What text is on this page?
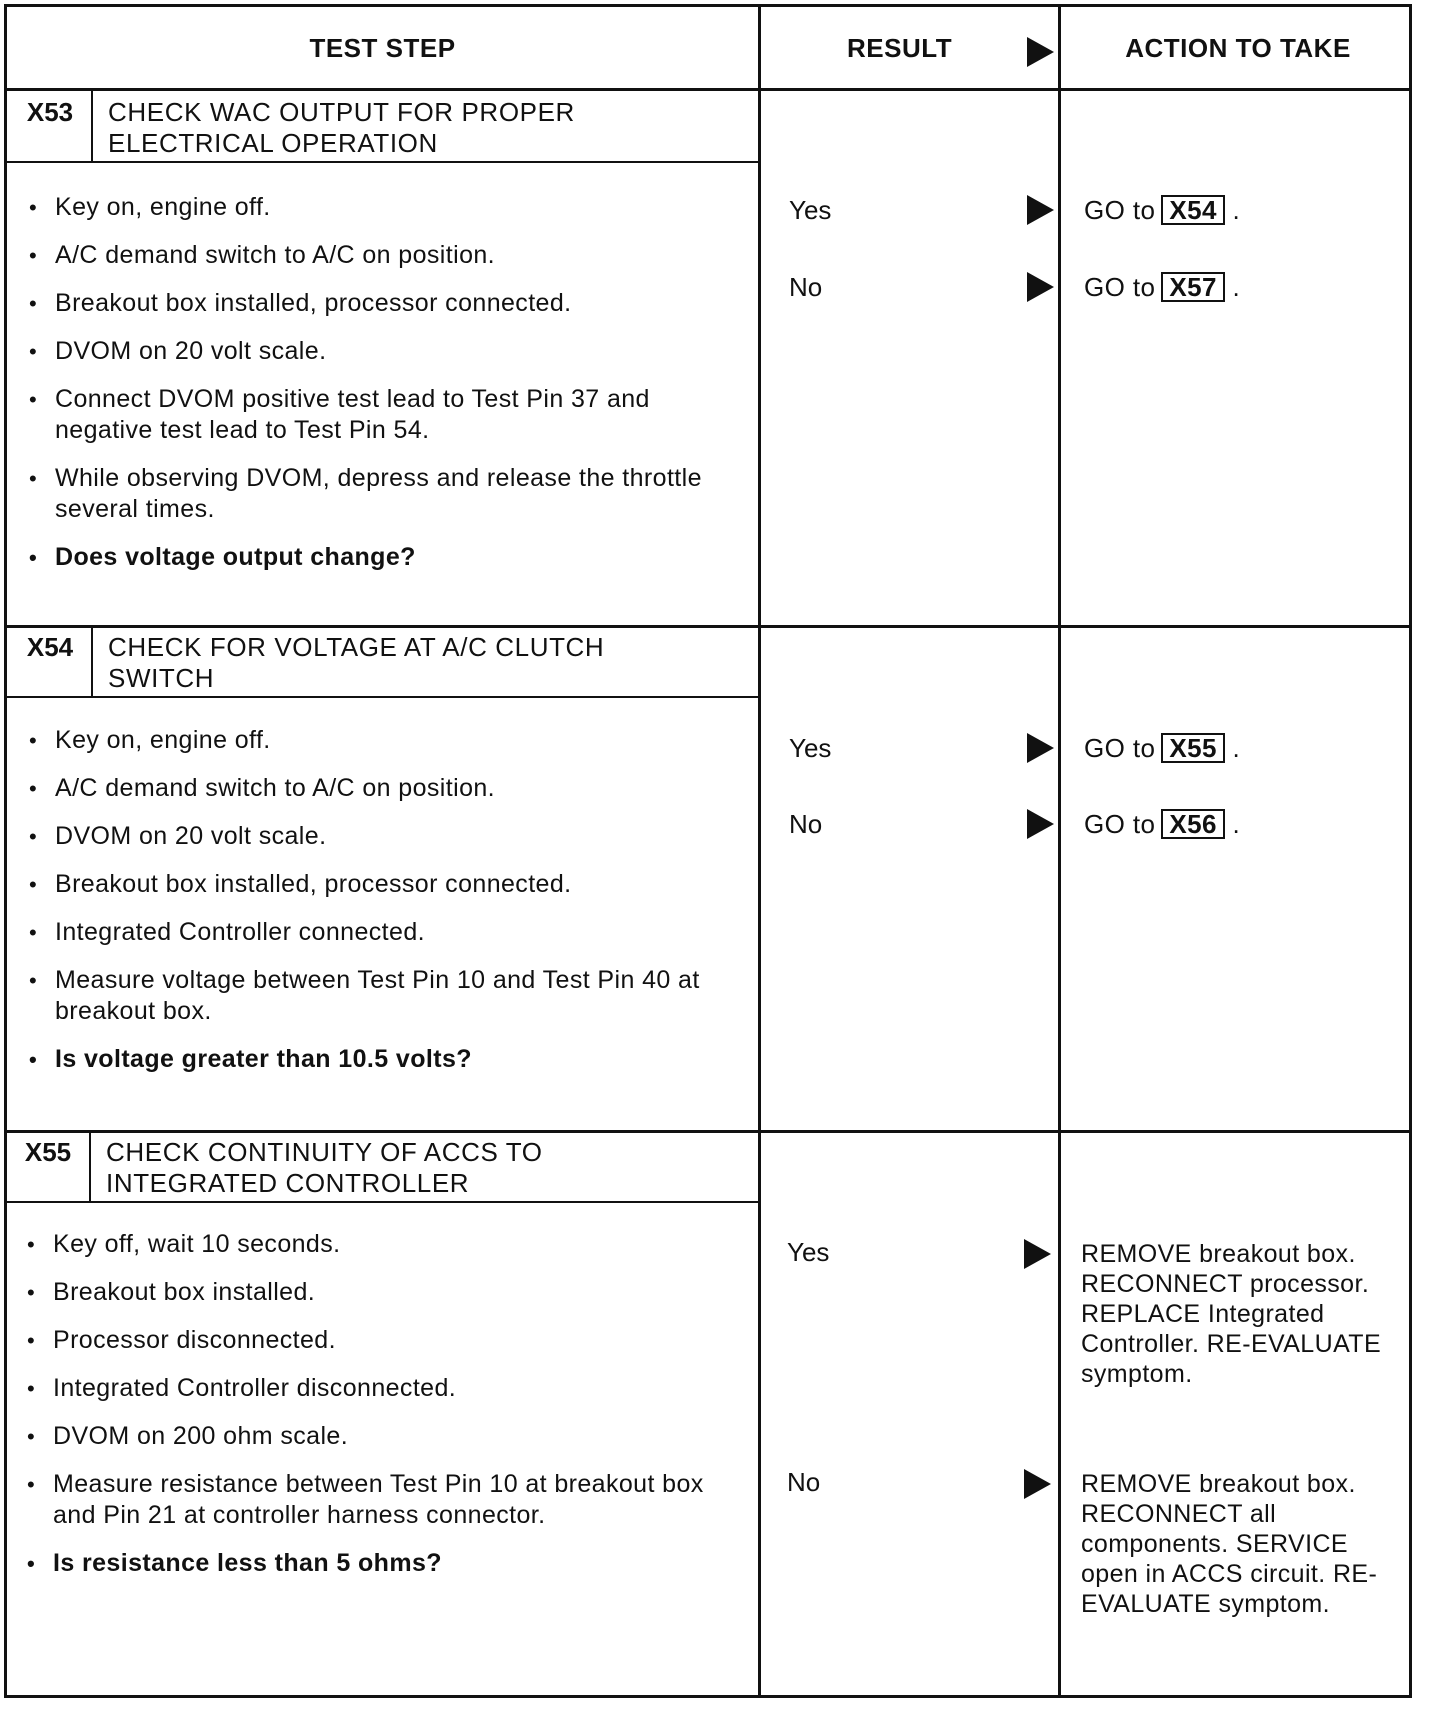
TEST STEP	RESULT	ACTION TO TAKE
X53	CHECK WAC OUTPUT FOR PROPER
ELECTRICAL OPERATION
• Key on, engine off.
• A/C demand switch to A/C on position.
• Breakout box installed, processor connected.
• DVOM on 20 volt scale.
• Connect DVOM positive test lead to Test Pin 37 and negative test lead to Test Pin 54.
• While observing DVOM, depress and release the throttle several times.
• Does voltage output change?
Yes	GO to X54 .
No	GO to X57 .
X54	CHECK FOR VOLTAGE AT A/C CLUTCH
SWITCH
• Key on, engine off.
• A/C demand switch to A/C on position.
• DVOM on 20 volt scale.
• Breakout box installed, processor connected.
• Integrated Controller connected.
• Measure voltage between Test Pin 10 and Test Pin 40 at breakout box.
• Is voltage greater than 10.5 volts?
Yes	GO to X55 .
No	GO to X56 .
X55	CHECK CONTINUITY OF ACCS TO
INTEGRATED CONTROLLER
• Key off, wait 10 seconds.
• Breakout box installed.
• Processor disconnected.
• Integrated Controller disconnected.
• DVOM on 200 ohm scale.
• Measure resistance between Test Pin 10 at breakout box and Pin 21 at controller harness connector.
• Is resistance less than 5 ohms?
Yes	REMOVE breakout box. RECONNECT processor. REPLACE Integrated Controller. RE-EVALUATE symptom.
No	REMOVE breakout box. RECONNECT all components. SERVICE open in ACCS circuit. RE-EVALUATE symptom.
